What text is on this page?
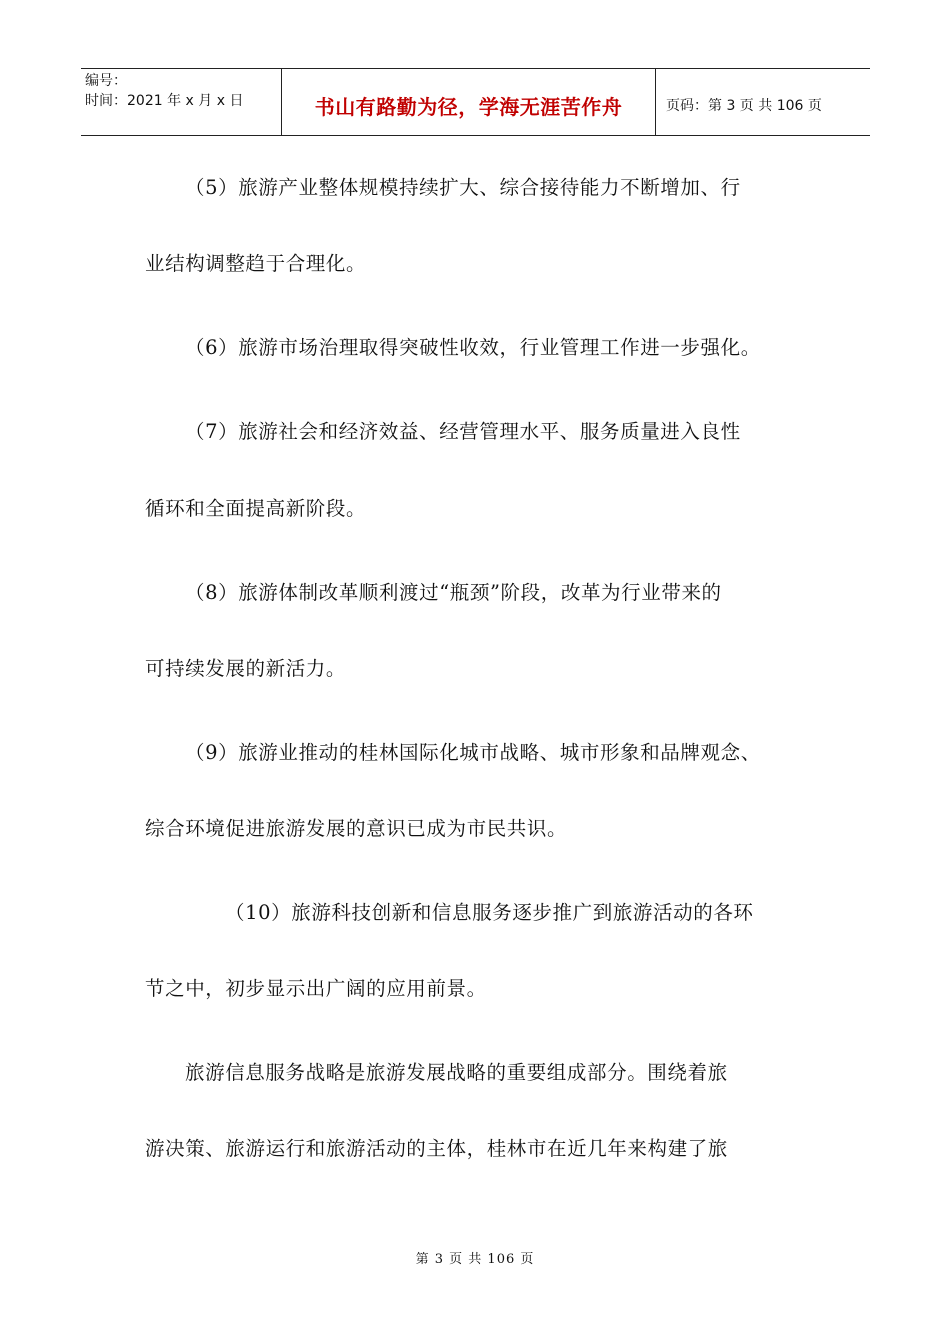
编号：
时间：2021 年 x 月 x 日	书山有路勤为径，学海无涯苦作舟	页码：第 3 页 共 106 页
（5）旅游产业整体规模持续扩大、综合接待能力不断增加、行
业结构调整趋于合理化。
（6）旅游市场治理取得突破性收效，行业管理工作进一步强化。
（7）旅游社会和经济效益、经营管理水平、服务质量进入良性
循环和全面提高新阶段。
（8）旅游体制改革顺利渡过“瓶颈”阶段，改革为行业带来的
可持续发展的新活力。
（9）旅游业推动的桂林国际化城市战略、城市形象和品牌观念、
综合环境促进旅游发展的意识已成为市民共识。
（10）旅游科技创新和信息服务逐步推广到旅游活动的各环
节之中，初步显示出广阔的应用前景。
旅游信息服务战略是旅游发展战略的重要组成部分。围绕着旅
游决策、旅游运行和旅游活动的主体，桂林市在近几年来构建了旅
第 3 页 共 106 页
